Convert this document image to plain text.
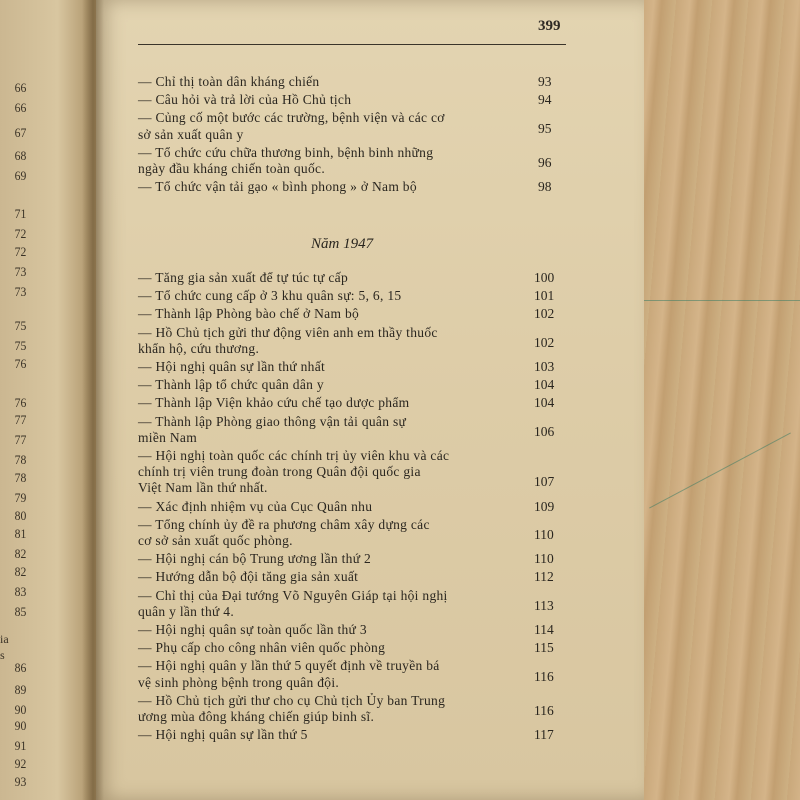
66
66
67
68
69
71
72
72
73
73
75
75
76
76
77
77
78
78
79
80
81
82
82
83
85
86
89
90
90
91
92
93
ia
s
399
Năm 1947
— Chỉ thị toàn dân kháng chiến	93
— Câu hỏi và trả lời của Hồ Chủ tịch	94
— Củng cố một bước các trường, bệnh viện và các cơ
sở sản xuất quân y	95
— Tổ chức cứu chữa thương binh, bệnh binh những
ngày đầu kháng chiến toàn quốc.	96
— Tổ chức vận tải gạo « bình phong » ở Nam bộ	98
— Tăng gia sản xuất để tự túc tự cấp	100
— Tổ chức cung cấp ở 3 khu quân sự: 5, 6, 15	101
— Thành lập Phòng bào chế ở Nam bộ	102
— Hồ Chủ tịch gửi thư động viên anh em thầy thuốc
khẩn hộ, cứu thương.	102
— Hội nghị quân sự lần thứ nhất	103
— Thành lập tổ chức quân dân y	104
— Thành lập Viện khảo cứu chế tạo dược phẩm	104
— Thành lập Phòng giao thông vận tải quân sự
miền Nam	106
— Hội nghị toàn quốc các chính trị ủy viên khu và các
chính trị viên trung đoàn trong Quân đội quốc gia
Việt Nam lần thứ nhất.	107
— Xác định nhiệm vụ của Cục Quân nhu	109
— Tổng chính ủy đề ra phương châm xây dựng các
cơ sở sản xuất quốc phòng.	110
— Hội nghị cán bộ Trung ương lần thứ 2	110
— Hướng dẫn bộ đội tăng gia sản xuất	112
— Chỉ thị của Đại tướng Võ Nguyên Giáp tại hội nghị
quân y lần thứ 4.	113
— Hội nghị quân sự toàn quốc lần thứ 3	114
— Phụ cấp cho công nhân viên quốc phòng	115
— Hội nghị quân y lần thứ 5 quyết định về truyền bá
vệ sinh phòng bệnh trong quân đội.	116
— Hồ Chủ tịch gửi thư cho cụ Chủ tịch Ủy ban Trung
ương mùa đông kháng chiến giúp binh sĩ.	116
— Hội nghị quân sự lần thứ 5	117
